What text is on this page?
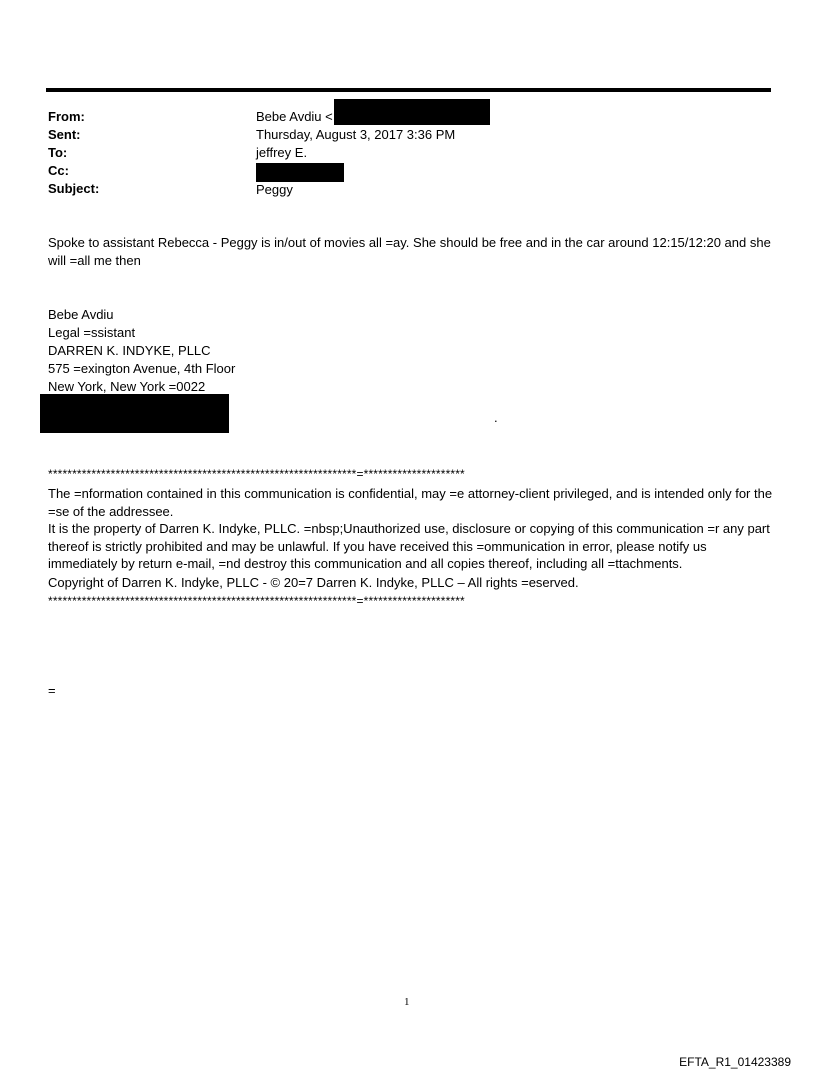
From:	Bebe Avdiu <
Sent:	Thursday, August 3, 2017 3:36 PM
To:	jeffrey E.
Cc:
Subject:	Peggy
Spoke to assistant Rebecca - Peggy is in/out of movies all =ay. She should be free and in the car around 12:15/12:20 and she will =all me then
Bebe Avdiu
Legal =ssistant
DARREN K. INDYKE, PLLC
575 =exington Avenue, 4th Floor
New York, New York =0022
.
****************************************************************=*********************
The =nformation contained in this communication is confidential, may =e attorney-client privileged, and is intended only for the =se of the addressee.
It is the property of Darren K. Indyke, PLLC. =nbsp;Unauthorized use, disclosure or copying of this communication =r any part thereof is strictly prohibited and may be unlawful. If you have received this =ommunication in error, please notify us immediately by return e-mail, =nd destroy this communication and all copies thereof, including all =ttachments.
Copyright of Darren K. Indyke, PLLC - © 20=7 Darren K. Indyke, PLLC – All rights =eserved.
****************************************************************=*********************
=
1
EFTA_R1_01423389
